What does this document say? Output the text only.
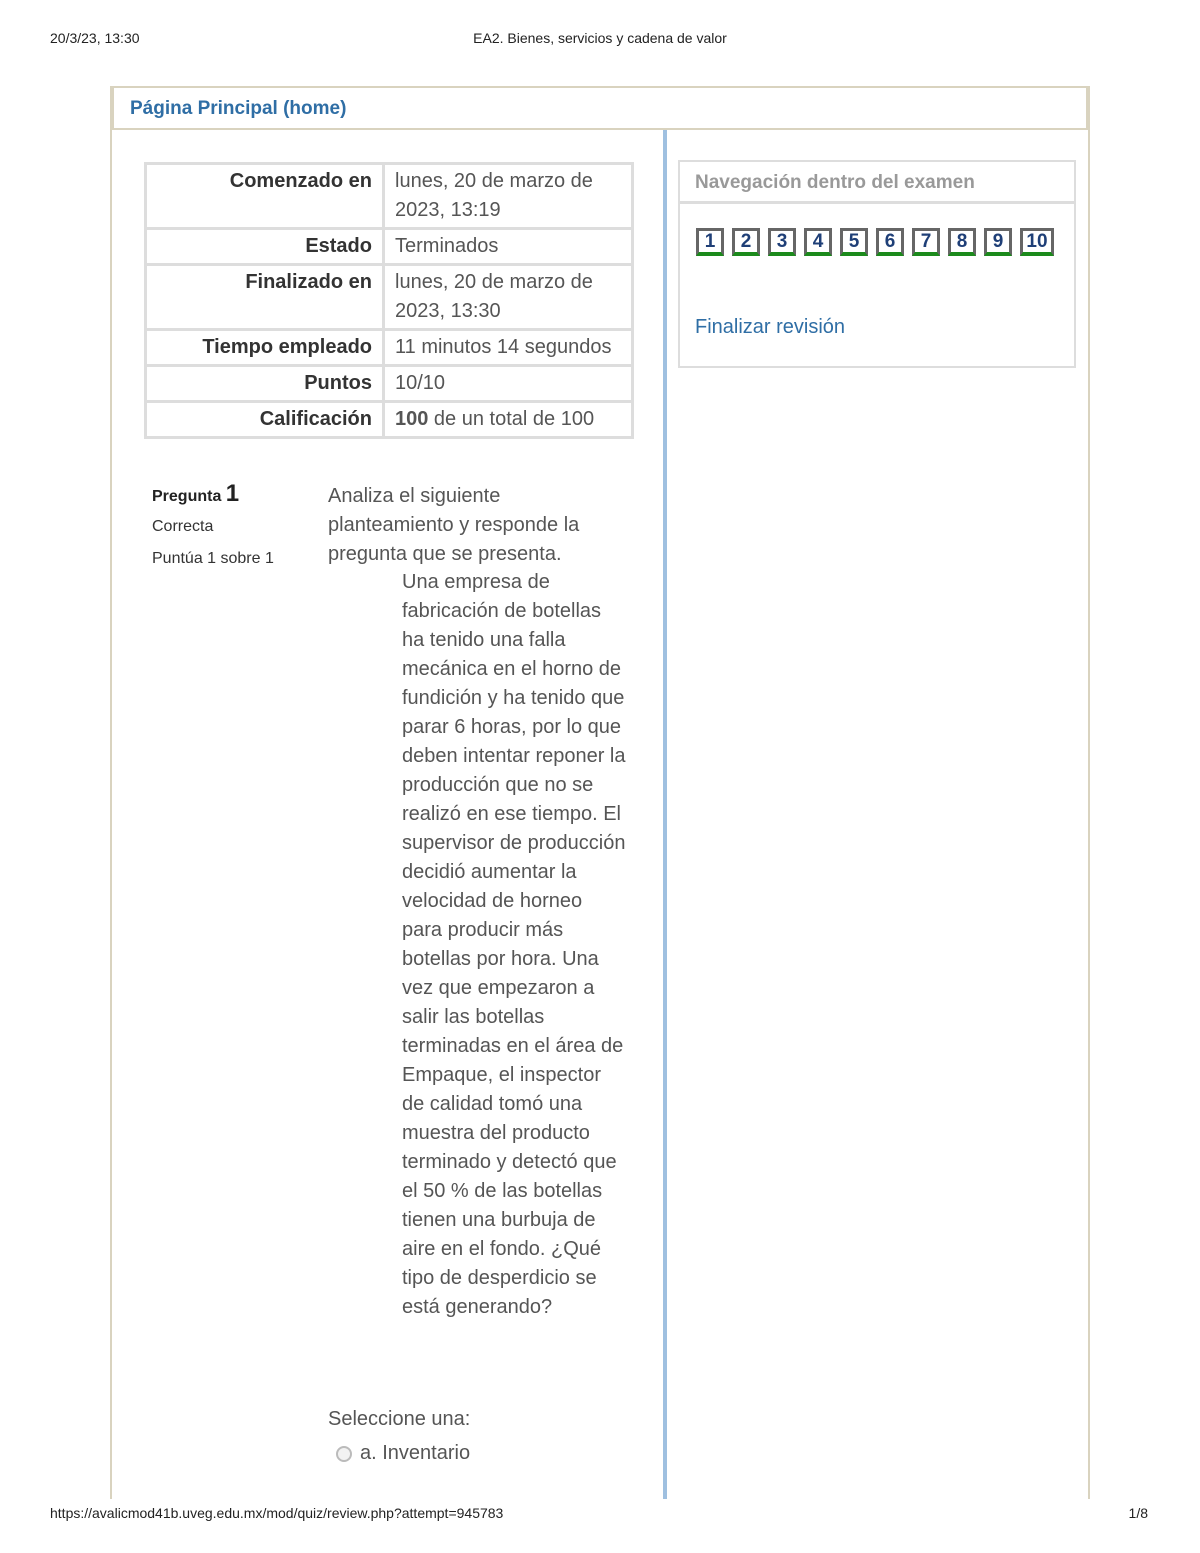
20/3/23, 13:30	EA2. Bienes, servicios y cadena de valor
Página Principal (home)
Comenzado en	lunes, 20 de marzo de 2023, 13:19
Estado	Terminados
Finalizado en	lunes, 20 de marzo de 2023, 13:30
Tiempo empleado	11 minutos 14 segundos
Puntos	10/10
Calificación	100 de un total de 100
Pregunta 1
Correcta
Puntúa 1 sobre 1
Analiza el siguiente planteamiento y responde la pregunta que se presenta.
Una empresa de fabricación de botellas ha tenido una falla mecánica en el horno de fundición y ha tenido que parar 6 horas, por lo que deben intentar reponer la producción que no se realizó en ese tiempo. El supervisor de producción decidió aumentar la velocidad de horneo para producir más botellas por hora. Una vez que empezaron a salir las botellas terminadas en el área de Empaque, el inspector de calidad tomó una muestra del producto terminado y detectó que el 50 % de las botellas tienen una burbuja de aire en el fondo. ¿Qué tipo de desperdicio se está generando?
Seleccione una:
a. Inventario
Navegación dentro del examen
1 2 3 4 5 6 7 8 9 10
Finalizar revisión
https://avalicmod41b.uveg.edu.mx/mod/quiz/review.php?attempt=945783	1/8
